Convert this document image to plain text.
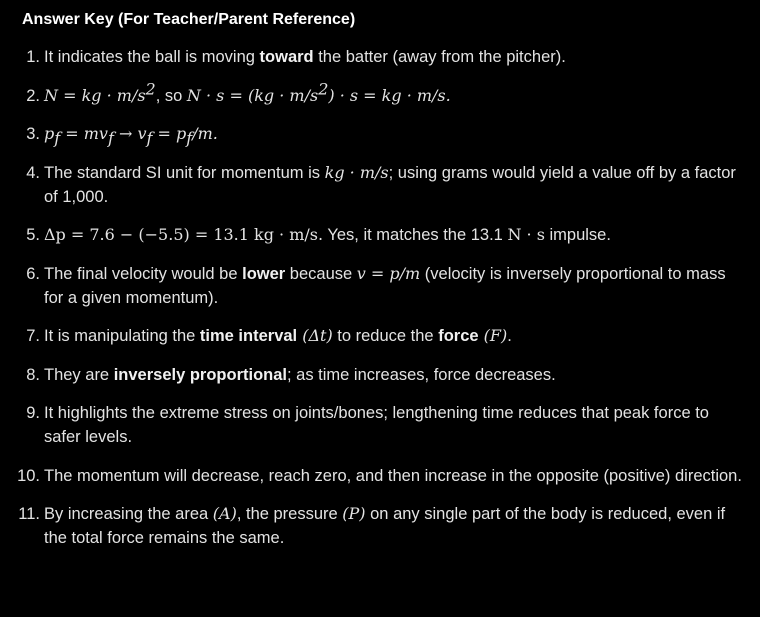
Answer Key (For Teacher/Parent Reference)
1. It indicates the ball is moving toward the batter (away from the pitcher).
2. N = kg · $m/s^2$, so $N \cdot s = (kg \cdot m/s^2) \cdot s$ = kg · m/s.
3. $p_f = mv_f \to v_f = p_f/m$.
4. The standard SI unit for momentum is kg · m/s; using grams would yield a value off by a factor of 1,000.
5. Δp = 7.6 − (−5.5) = 13.1 kg · m/s. Yes, it matches the 13.1 N · s impulse.
6. The final velocity would be lower because v = p/m (velocity is inversely proportional to mass for a given momentum).
7. It is manipulating the time interval (Δt) to reduce the force (F).
8. They are inversely proportional; as time increases, force decreases.
9. It highlights the extreme stress on joints/bones; lengthening time reduces that peak force to safer levels.
10. The momentum will decrease, reach zero, and then increase in the opposite (positive) direction.
11. By increasing the area (A), the pressure (P) on any single part of the body is reduced, even if the total force remains the same.
